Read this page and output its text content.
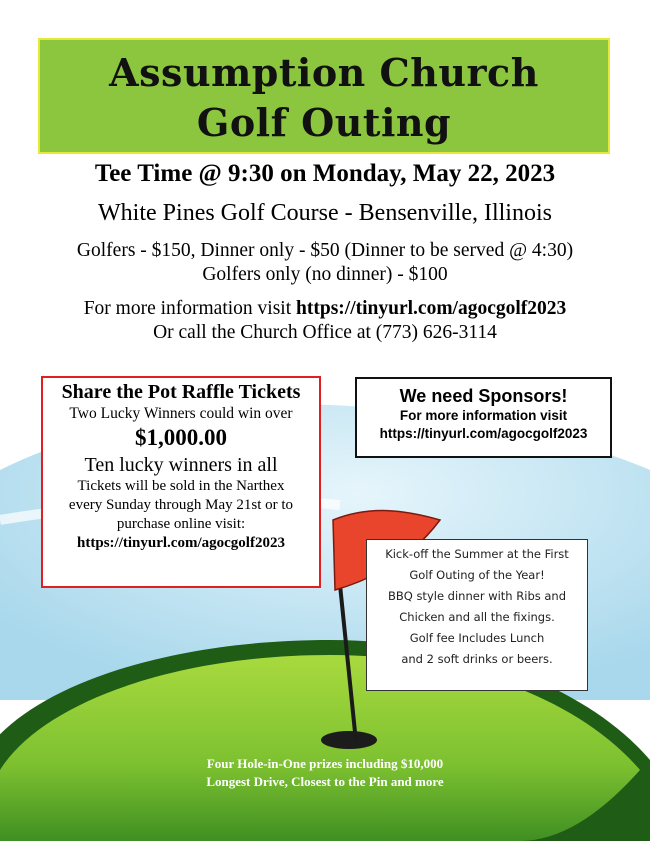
Assumption Church
Golf Outing
Tee Time @ 9:30 on Monday, May 22, 2023
White Pines Golf Course - Bensenville, Illinois
Golfers - $150, Dinner only - $50 (Dinner to be served @ 4:30)
Golfers only (no dinner) - $100
For more information visit https://tinyurl.com/agocgolf2023
Or call the Church Office at (773) 626-3114
Share the Pot Raffle Tickets
Two Lucky Winners could win over
$1,000.00
Ten lucky winners in all
Tickets will be sold in the Narthex
every Sunday through May 21st or to
purchase online visit:
https://tinyurl.com/agocgolf2023
We need Sponsors!
For more information visit
https://tinyurl.com/agocgolf2023
Kick-off the Summer at the First
Golf Outing of the Year!
BBQ style dinner with Ribs and
Chicken and all the fixings.
Golf fee Includes Lunch
and 2 soft drinks or beers.
Four Hole-in-One prizes including $10,000
Longest Drive, Closest to the Pin and more
